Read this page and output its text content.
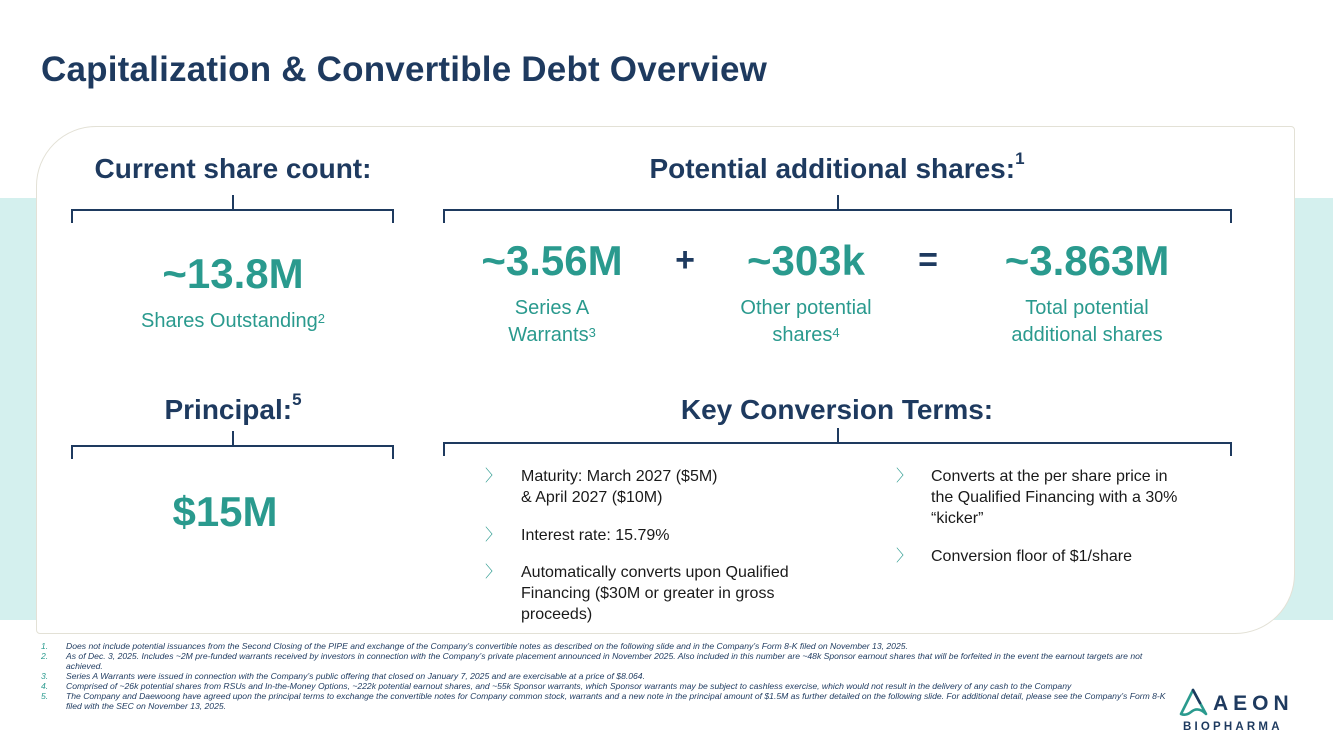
Capitalization & Convertible Debt Overview
Current share count:
~13.8M
Shares Outstanding$^2$
Potential additional shares:$^1$
~3.56M
Series A
Warrants$^3$
+	~303k
Other potential
shares$^4$
=	~3.863M
Total potential
additional shares
Principal:$^5$
$15M
Key Conversion Terms:
〉 Maturity: March 2027 ($5M)
& April 2027 ($10M)
〉 Interest rate: 15.79%
〉 Automatically converts upon Qualified
Financing ($30M or greater in gross
proceeds)
〉 Converts at the per share price in
the Qualified Financing with a 30%
“kicker”
〉 Conversion floor of $1/share
1. Does not include potential issuances from the Second Closing of the PIPE and exchange of the Company’s convertible notes as described on the following slide and in the Company’s Form 8-K filed on November 13, 2025.
2. As of Dec. 3, 2025. Includes ~2M pre-funded warrants received by investors in connection with the Company’s private placement announced in November 2025. Also included in this number are ~48k Sponsor earnout shares that will be forfeited in the event the earnout targets are not achieved.
3. Series A Warrants were issued in connection with the Company’s public offering that closed on January 7, 2025 and are exercisable at a price of $8.064.
4. Comprised of ~26k potential shares from RSUs and In-the-Money Options, ~222k potential earnout shares, and ~55k Sponsor warrants, which Sponsor warrants may be subject to cashless exercise, which would not result in the delivery of any cash to the Company
5. The Company and Daewoong have agreed upon the principal terms to exchange the convertible notes for Company common stock, warrants and a new note in the principal amount of $1.5M as further detailed on the following slide. For additional detail, please see the Company’s Form 8-K filed with the SEC on November 13, 2025.	AEON
BIOPHARMA
